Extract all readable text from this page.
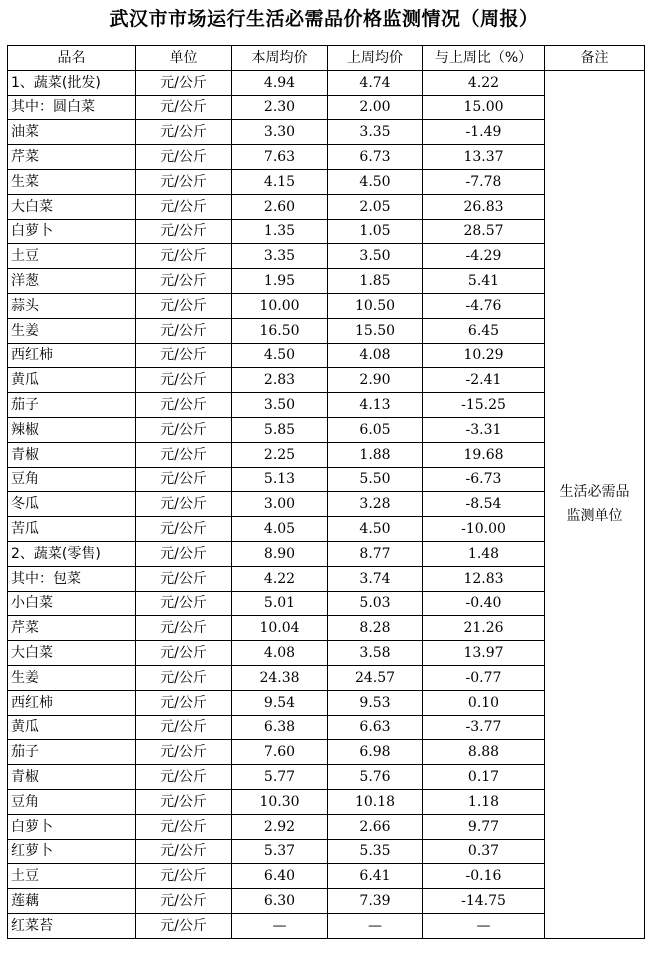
武汉市市场运行生活必需品价格监测情况（周报）
品名	单位	本周均价	上周均价	与上周比（%）	备注
1、蔬菜(批发)	元/公斤	4.94	4.74	4.22	生活必需品
监测单位

其中：圆白菜	元/公斤	2.30	2.00	15.00	
油菜	元/公斤	3.30	3.35	-1.49	
芹菜	元/公斤	7.63	6.73	13.37	
生菜	元/公斤	4.15	4.50	-7.78	
大白菜	元/公斤	2.60	2.05	26.83	
白萝卜	元/公斤	1.35	1.05	28.57	
土豆	元/公斤	3.35	3.50	-4.29	
洋葱	元/公斤	1.95	1.85	5.41	
蒜头	元/公斤	10.00	10.50	-4.76	
生姜	元/公斤	16.50	15.50	6.45	
西红柿	元/公斤	4.50	4.08	10.29	
黄瓜	元/公斤	2.83	2.90	-2.41	
茄子	元/公斤	3.50	4.13	-15.25	
辣椒	元/公斤	5.85	6.05	-3.31	
青椒	元/公斤	2.25	1.88	19.68	
豆角	元/公斤	5.13	5.50	-6.73	
冬瓜	元/公斤	3.00	3.28	-8.54	
苦瓜	元/公斤	4.05	4.50	-10.00	
2、蔬菜(零售)	元/公斤	8.90	8.77	1.48	
其中：包菜	元/公斤	4.22	3.74	12.83	
小白菜	元/公斤	5.01	5.03	-0.40	
芹菜	元/公斤	10.04	8.28	21.26	
大白菜	元/公斤	4.08	3.58	13.97	
生姜	元/公斤	24.38	24.57	-0.77	
西红柿	元/公斤	9.54	9.53	0.10	
黄瓜	元/公斤	6.38	6.63	-3.77	
茄子	元/公斤	7.60	6.98	8.88	
青椒	元/公斤	5.77	5.76	0.17	
豆角	元/公斤	10.30	10.18	1.18	
白萝卜	元/公斤	2.92	2.66	9.77	
红萝卜	元/公斤	5.37	5.35	0.37	
土豆	元/公斤	6.40	6.41	-0.16	
莲藕	元/公斤	6.30	7.39	-14.75	
红菜苔	元/公斤	—	—	—	
